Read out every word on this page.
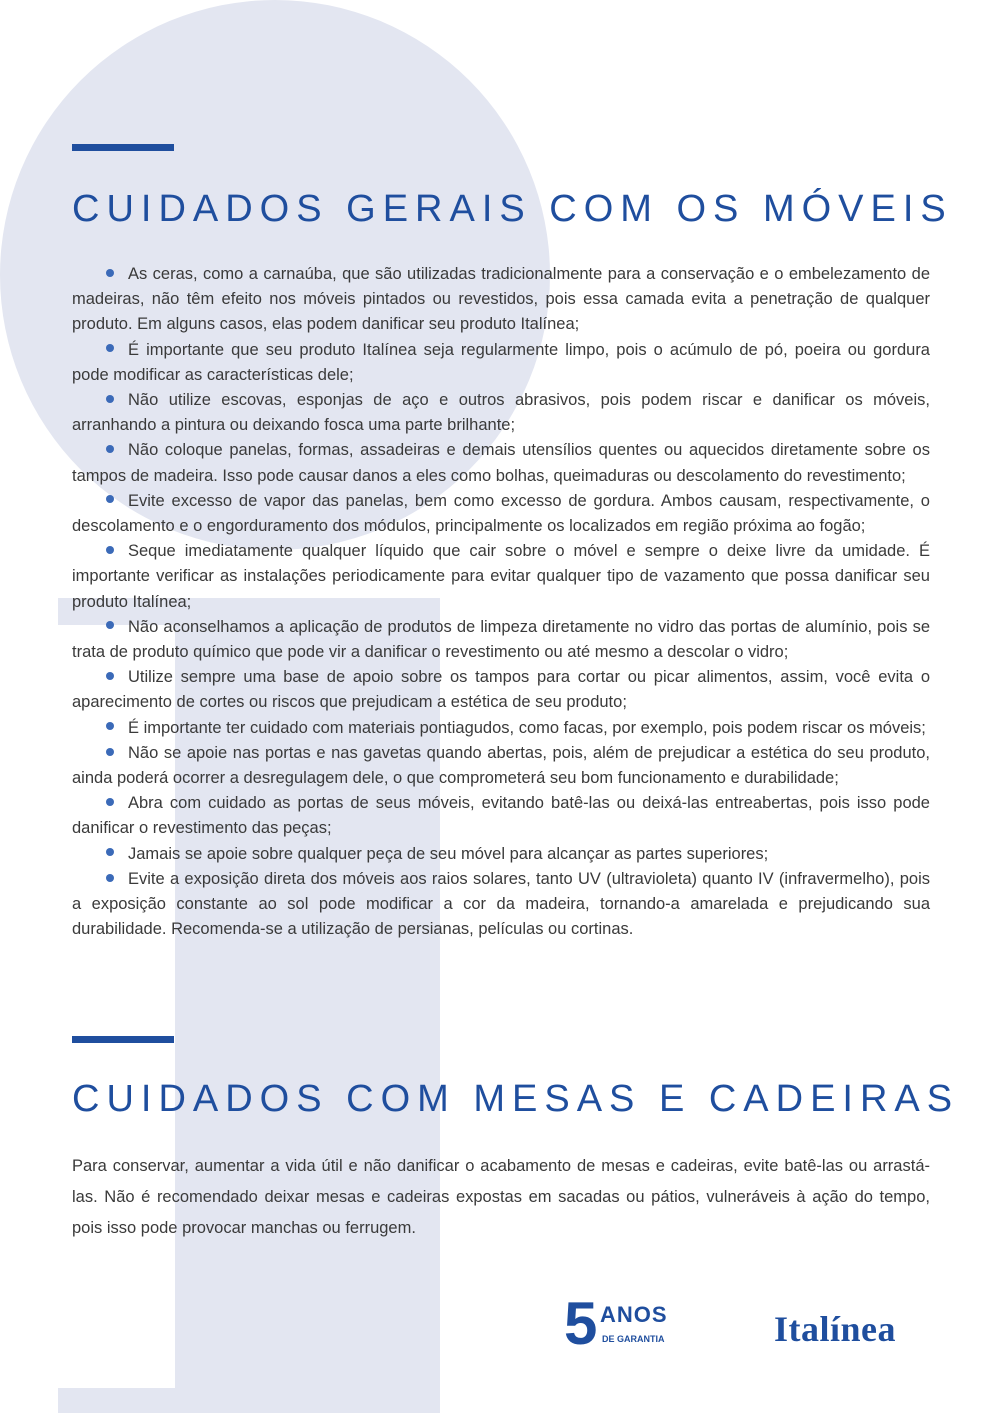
CUIDADOS GERAIS COM OS MÓVEIS
As ceras, como a carnaúba, que são utilizadas tradicionalmente para a conservação e o embelezamento de madeiras, não têm efeito nos móveis pintados ou revestidos, pois essa camada evita a penetração de qualquer produto. Em alguns casos, elas podem danificar seu produto Italínea;
É importante que seu produto Italínea seja regularmente limpo, pois o acúmulo de pó, poeira ou gordura pode modificar as características dele;
Não utilize escovas, esponjas de aço e outros abrasivos, pois podem riscar e danificar os móveis, arranhando a pintura ou deixando fosca uma parte brilhante;
Não coloque panelas, formas, assadeiras e demais utensílios quentes ou aquecidos diretamente sobre os tampos de madeira. Isso pode causar danos a eles como bolhas, queimaduras ou descolamento do revestimento;
Evite excesso de vapor das panelas, bem como excesso de gordura. Ambos causam, respectivamente, o descolamento e o engorduramento dos módulos, principalmente os localizados em região próxima ao fogão;
Seque imediatamente qualquer líquido que cair sobre o móvel e sempre o deixe livre da umidade. É importante verificar as instalações periodicamente para evitar qualquer tipo de vazamento que possa danificar seu produto Italínea;
Não aconselhamos a aplicação de produtos de limpeza diretamente no vidro das portas de alumínio, pois se trata de produto químico que pode vir a danificar o revestimento ou até mesmo a descolar o vidro;
Utilize sempre uma base de apoio sobre os tampos para cortar ou picar alimentos, assim, você evita o aparecimento de cortes ou riscos que prejudicam a estética de seu produto;
É importante ter cuidado com materiais pontiagudos, como facas, por exemplo, pois podem riscar os móveis;
Não se apoie nas portas e nas gavetas quando abertas, pois, além de prejudicar a estética do seu produto, ainda poderá ocorrer a desregulagem dele, o que comprometerá seu bom funcionamento e durabilidade;
Abra com cuidado as portas de seus móveis, evitando batê-las ou deixá-las entreabertas, pois isso pode danificar o revestimento das peças;
Jamais se apoie sobre qualquer peça de seu móvel para alcançar as partes superiores;
Evite a exposição direta dos móveis aos raios solares, tanto UV (ultravioleta) quanto IV (infravermelho), pois a exposição constante ao sol pode modificar a cor da madeira, tornando-a amarelada e prejudicando sua durabilidade. Recomenda-se a utilização de persianas, películas ou cortinas.
CUIDADOS COM MESAS E CADEIRAS

Para conservar, aumentar a vida útil e não danificar o acabamento de mesas e cadeiras, evite batê-las ou arrastá-las. Não é recomendado deixar mesas e cadeiras expostas em sacadas ou pátios, vulneráveis à ação do tempo, pois isso pode provocar manchas ou ferrugem.

5 ANOS
DE GARANTIA	Italínea
